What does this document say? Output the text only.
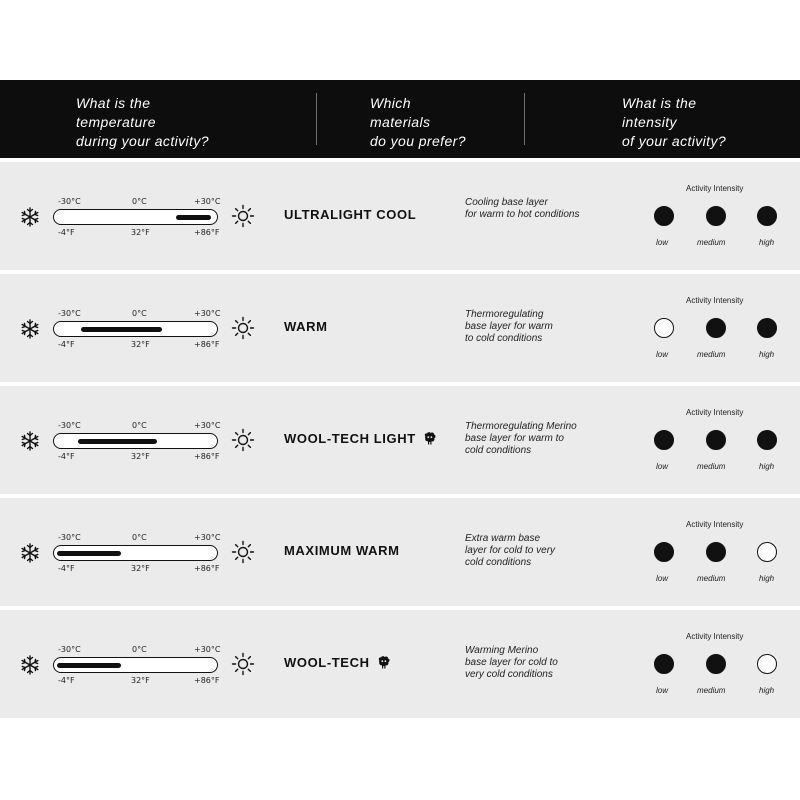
What is the
temperature
during your activity?
Which
materials
do you prefer?
What is the
intensity
of your activity?
-30°C	0°C	+30°C
-4°F	32°F	+86°F
ULTRALIGHT COOL
Cooling base layer
for warm to hot conditions
Activity Intensity
low	medium	high
-30°C	0°C	+30°C
-4°F	32°F	+86°F
WARM
Thermoregulating
base layer for warm
to cold conditions
Activity Intensity
low	medium	high
-30°C	0°C	+30°C
-4°F	32°F	+86°F
WOOL-TECH LIGHT
Thermoregulating Merino
base layer for warm to
cold conditions
Activity Intensity
low	medium	high
-30°C	0°C	+30°C
-4°F	32°F	+86°F
MAXIMUM WARM
Extra warm base
layer for cold to very
cold conditions
Activity Intensity
low	medium	high
-30°C	0°C	+30°C
-4°F	32°F	+86°F
WOOL-TECH
Warming Merino
base layer for cold to
very cold conditions
Activity Intensity
low	medium	high
